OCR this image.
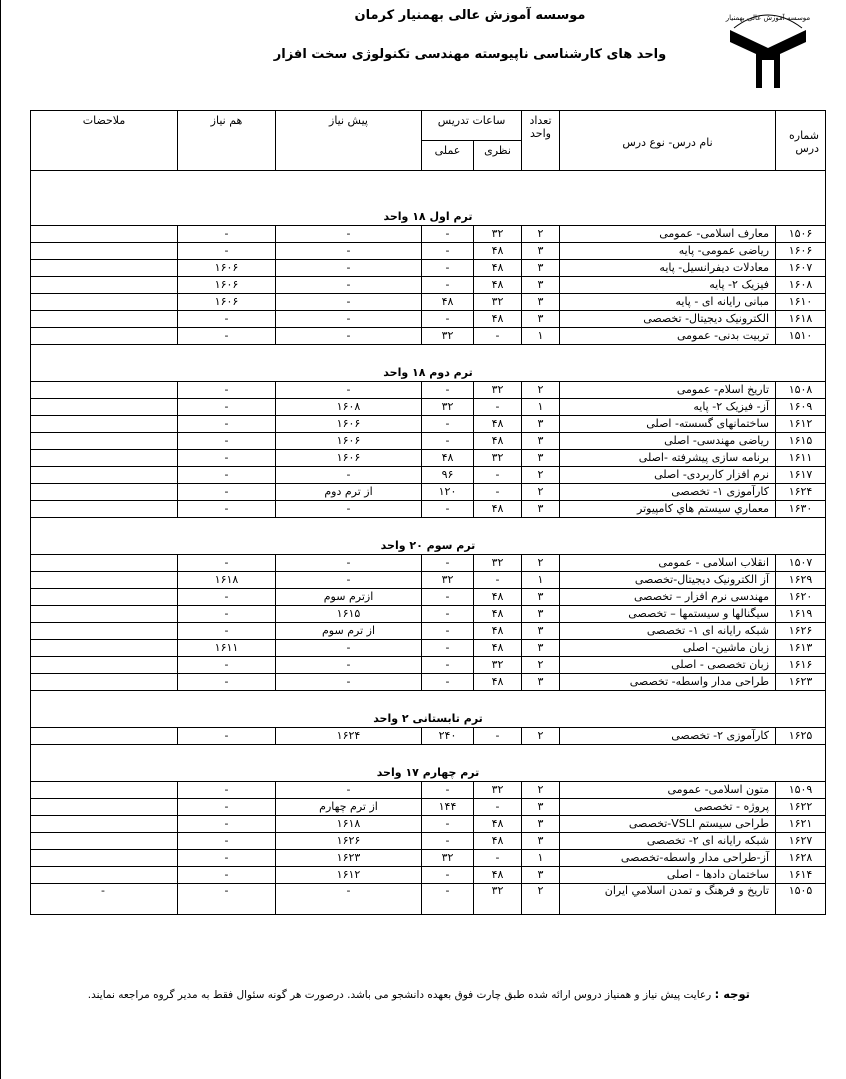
موسسه آموزش عالی بهمنیار
موسسه آموزش عالی بهمنیار کرمان
واحد های کارشناسی ناپیوسته مهندسی تکنولوژی سخت افزار
شماره درس	نام درس- نوع درس	تعداد واحد	ساعات تدریس		پیش نیاز	هم نیاز	ملاحضات
			نظری	عملی			
ترم اول ۱۸ واحد							
۱۵۰۶	معارف اسلامی- عمومی	۲	۳۲	-	-	-	
۱۶۰۶	ریاضی عمومی- پایه	۳	۴۸	-	-	-	
۱۶۰۷	معادلات دیفرانسیل- پایه	۳	۴۸	-	-	۱۶۰۶	
۱۶۰۸	فیزیک ۲- پایه	۳	۴۸	-	-	۱۶۰۶	
۱۶۱۰	مبانی رایانه ای - پایه	۳	۳۲	۴۸	-	۱۶۰۶	
۱۶۱۸	الکترونیک دیجیتال- تخصصی	۳	۴۸	-	-	-	
۱۵۱۰	تربیت بدنی- عمومی	۱	-	۳۲	-	-	
ترم دوم ۱۸ واحد							
۱۵۰۸	تاریخ اسلام- عمومی	۲	۳۲	-	-	-	
۱۶۰۹	آز- فیزیک ۲- پایه	۱	-	۳۲	۱۶۰۸	-	
۱۶۱۲	ساختمانهای گسسته- اصلی	۳	۴۸	-	۱۶۰۶	-	
۱۶۱۵	ریاضی مهندسی- اصلی	۳	۴۸	-	۱۶۰۶	-	
۱۶۱۱	برنامه سازی پیشرفته -اصلی	۳	۳۲	۴۸	۱۶۰۶	-	
۱۶۱۷	نرم افزار کاربردی- اصلی	۲	-	۹۶	-	-	
۱۶۲۴	کارآموزی ۱- تخصصی	۲	-	۱۲۰	از ترم دوم	-	
۱۶۳۰	معماري سيستم هاي كامپيوتر	۳	۴۸	-	-	-	
ترم سوم ۲۰ واحد							
۱۵۰۷	انقلاب اسلامی - عمومی	۲	۳۲	-	-	-	
۱۶۲۹	آز الکترونیک دیجیتال-تخصصی	۱	-	۳۲	-	۱۶۱۸	
۱۶۲۰	مهندسی نرم افزار – تخصصی	۳	۴۸	-	ازترم سوم	-	
۱۶۱۹	سیگنالها و سیستمها – تخصصی	۳	۴۸	-	۱۶۱۵	-	
۱۶۲۶	شبکه رایانه ای ۱- تخصصی	۳	۴۸	-	از ترم سوم	-	
۱۶۱۳	زبان ماشین- اصلی	۳	۴۸	-	-	۱۶۱۱	
۱۶۱۶	زبان تخصصی - اصلی	۲	۳۲	-	-	-	
۱۶۲۳	طراحی مدار واسطه- تخصصی	۳	۴۸	-	-	-	
ترم تابستانی ۲ واحد							
۱۶۲۵	کارآموزی ۲- تخصصی	۲	-	۲۴۰	۱۶۲۴	-	
ترم چهارم ۱۷ واحد							
۱۵۰۹	متون اسلامی- عمومی	۲	۳۲	-	-	-	
۱۶۲۲	پروژه - تخصصی	۳	-	۱۴۴	از ترم چهارم	-	
۱۶۲۱	طراحی سیستم VSLI-تخصصی	۳	۴۸	-	۱۶۱۸	-	
۱۶۲۷	شبکه رایانه ای ۲- تخصصی	۳	۴۸	-	۱۶۲۶	-	
۱۶۲۸	آز-طراحی مدار واسطه-تخصصی	۱	-	۳۲	۱۶۲۳	-	
۱۶۱۴	ساختمان دادها - اصلی	۳	۴۸	-	۱۶۱۲	-	
۱۵۰۵	تاریخ و فرهنگ و تمدن اسلامي ايران	۲	۳۲	-	-	-	-
توجه : رعایت پیش نیاز و همنیاز دروس ارائه شده طبق چارت فوق بعهده دانشجو می باشد. درصورت هر گونه سئوال فقط به مدیر گروه مراجعه نمایند.
